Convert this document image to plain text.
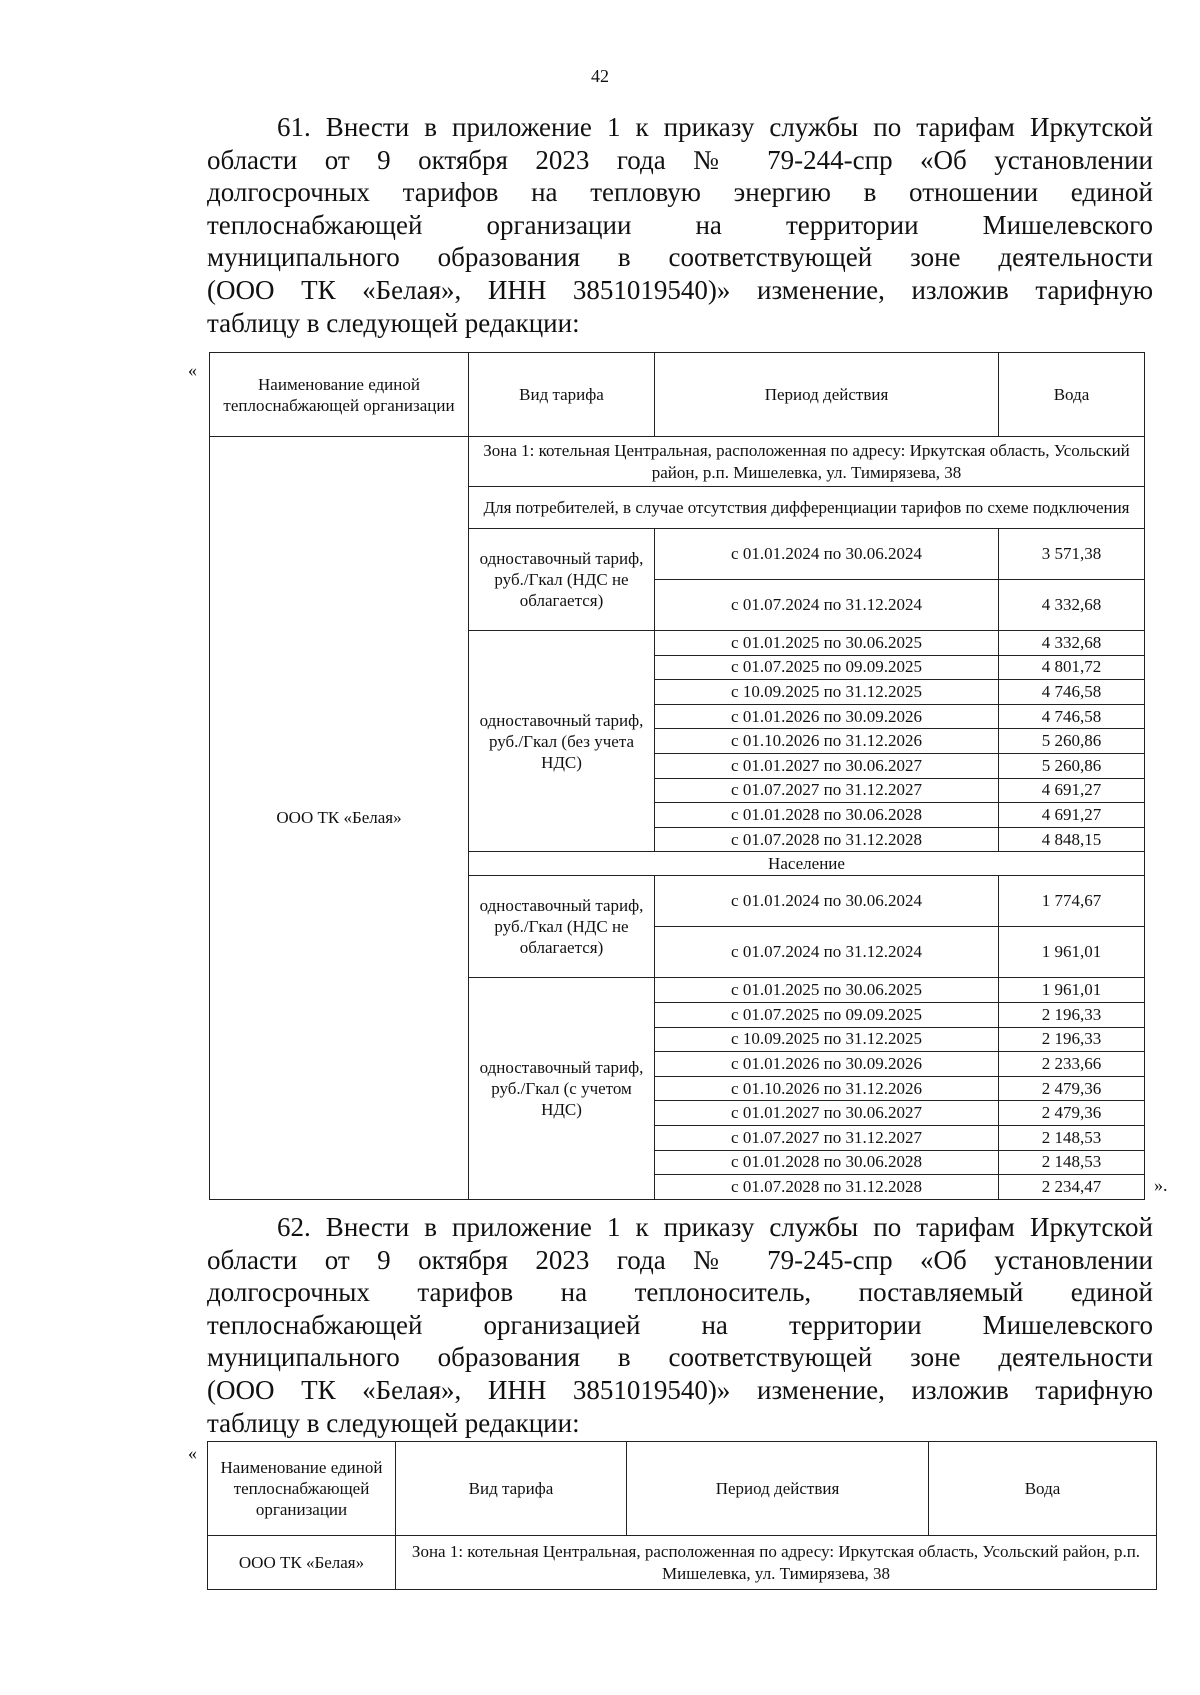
42
61. Внести в приложение 1 к приказу службы по тарифам Иркутской
области от 9 октября 2023 года № 79-244-спр «Об установлении
долгосрочных тарифов на тепловую энергию в отношении единой
теплоснабжающей организации на территории Мишелевского
муниципального образования в соответствующей зоне деятельности
(ООО ТК «Белая», ИНН 3851019540)» изменение, изложив тарифную
таблицу в следующей редакции:
«
Наименование единой теплоснабжающей организации	Вид тарифа	Период действия	Вода
ООО ТК «Белая»	Зона 1: котельная Центральная, расположенная по адресу: Иркутская область, Усольский район, р.п. Мишелевка, ул. Тимирязева, 38		
	Для потребителей, в случае отсутствия дифференциации тарифов по схеме подключения		
	одноставочный тариф, руб./Гкал (НДС не облагается)	с 01.01.2024 по 30.06.2024	3 571,38
		с 01.07.2024 по 31.12.2024	4 332,68
	одноставочный тариф, руб./Гкал (без учета НДС)	с 01.01.2025 по 30.06.2025	4 332,68
		с 01.07.2025 по 09.09.2025	4 801,72
		с 10.09.2025 по 31.12.2025	4 746,58
		с 01.01.2026 по 30.09.2026	4 746,58
		с 01.10.2026 по 31.12.2026	5 260,86
		с 01.01.2027 по 30.06.2027	5 260,86
		с 01.07.2027 по 31.12.2027	4 691,27
		с 01.01.2028 по 30.06.2028	4 691,27
		с 01.07.2028 по 31.12.2028	4 848,15
	Население		
	одноставочный тариф, руб./Гкал (НДС не облагается)	с 01.01.2024 по 30.06.2024	1 774,67
		с 01.07.2024 по 31.12.2024	1 961,01
	одноставочный тариф, руб./Гкал (с учетом НДС)	с 01.01.2025 по 30.06.2025	1 961,01
		с 01.07.2025 по 09.09.2025	2 196,33
		с 10.09.2025 по 31.12.2025	2 196,33
		с 01.01.2026 по 30.09.2026	2 233,66
		с 01.10.2026 по 31.12.2026	2 479,36
		с 01.01.2027 по 30.06.2027	2 479,36
		с 01.07.2027 по 31.12.2027	2 148,53
		с 01.01.2028 по 30.06.2028	2 148,53
		с 01.07.2028 по 31.12.2028	2 234,47	».
62. Внести в приложение 1 к приказу службы по тарифам Иркутской
области от 9 октября 2023 года № 79-245-спр «Об установлении
долгосрочных тарифов на теплоноситель, поставляемый единой
теплоснабжающей организацией на территории Мишелевского
муниципального образования в соответствующей зоне деятельности
(ООО ТК «Белая», ИНН 3851019540)» изменение, изложив тарифную
таблицу в следующей редакции:
«
Наименование единой теплоснабжающей организации	Вид тарифа	Период действия	Вода
ООО ТК «Белая»	Зона 1: котельная Центральная, расположенная по адресу: Иркутская область, Усольский район, р.п. Мишелевка, ул. Тимирязева, 38		
